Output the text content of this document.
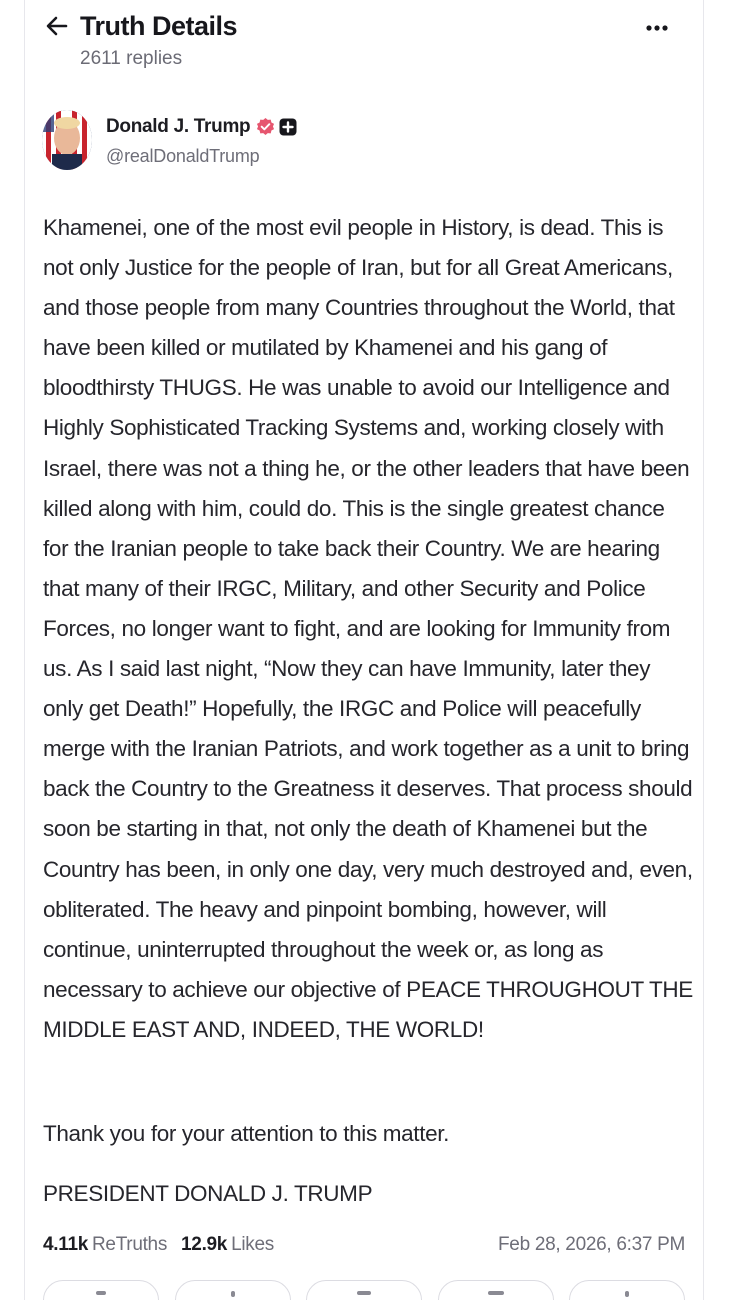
Truth Details
2611 replies
Donald J. Trump
@realDonaldTrump

Khamenei, one of the most evil people in History, is dead. This is not only Justice for the people of Iran, but for all Great Americans, and those people from many Countries throughout the World, that have been killed or mutilated by Khamenei and his gang of bloodthirsty THUGS. He was unable to avoid our Intelligence and Highly Sophisticated Tracking Systems and, working closely with Israel, there was not a thing he, or the other leaders that have been killed along with him, could do. This is the single greatest chance for the Iranian people to take back their Country. We are hearing that many of their IRGC, Military, and other Security and Police Forces, no longer want to fight, and are looking for Immunity from us. As I said last night, “Now they can have Immunity, later they only get Death!” Hopefully, the IRGC and Police will peacefully merge with the Iranian Patriots, and work together as a unit to bring back the Country to the Greatness it deserves. That process should soon be starting in that, not only the death of Khamenei but the Country has been, in only one day, very much destroyed and, even, obliterated. The heavy and pinpoint bombing, however, will continue, uninterrupted throughout the week or, as long as necessary to achieve our objective of PEACE THROUGHOUT THE MIDDLE EAST AND, INDEED, THE WORLD!

Thank you for your attention to this matter.

PRESIDENT DONALD J. TRUMP

4.11k ReTruths 12.9k Likes	Feb 28, 2026, 6:37 PM
